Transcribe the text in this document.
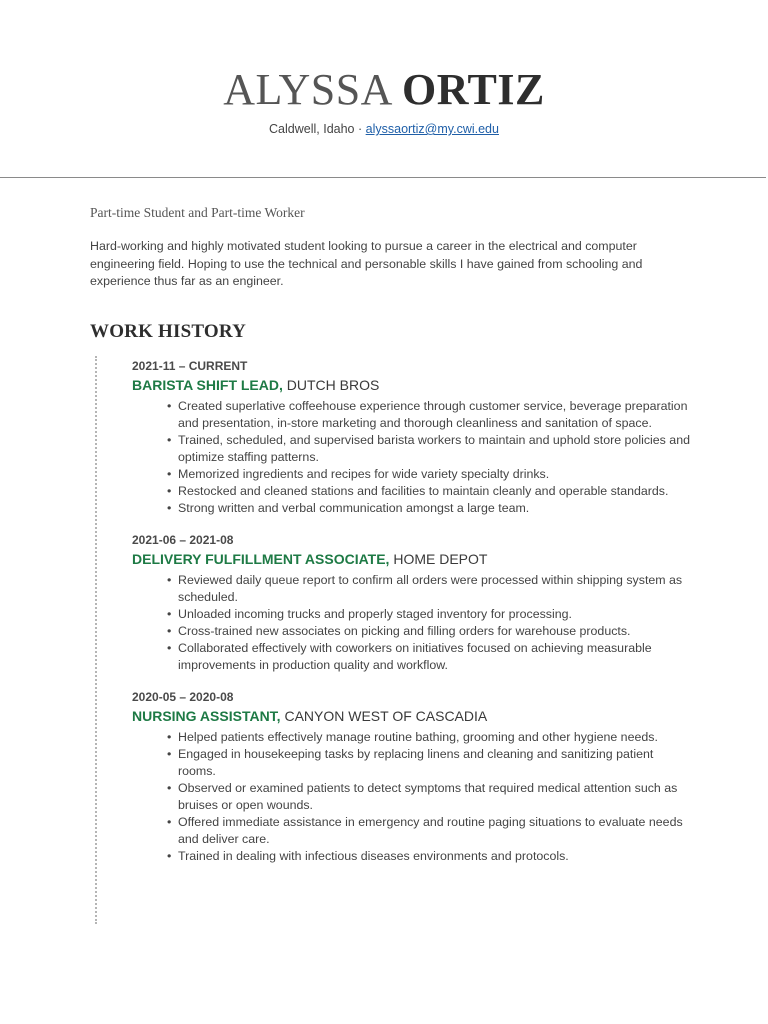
ALYSSA ORTIZ
Caldwell, Idaho · alyssaortiz@my.cwi.edu
Part-time Student and Part-time Worker
Hard-working and highly motivated student looking to pursue a career in the electrical and computer engineering field. Hoping to use the technical and personable skills I have gained from schooling and experience thus far as an engineer.
WORK HISTORY
2021-11 – CURRENT
BARISTA SHIFT LEAD, DUTCH BROS
• Created superlative coffeehouse experience through customer service, beverage preparation and presentation, in-store marketing and thorough cleanliness and sanitation of space.
• Trained, scheduled, and supervised barista workers to maintain and uphold store policies and optimize staffing patterns.
• Memorized ingredients and recipes for wide variety specialty drinks.
• Restocked and cleaned stations and facilities to maintain cleanly and operable standards.
• Strong written and verbal communication amongst a large team.
2021-06 – 2021-08
DELIVERY FULFILLMENT ASSOCIATE, HOME DEPOT
• Reviewed daily queue report to confirm all orders were processed within shipping system as scheduled.
• Unloaded incoming trucks and properly staged inventory for processing.
• Cross-trained new associates on picking and filling orders for warehouse products.
• Collaborated effectively with coworkers on initiatives focused on achieving measurable improvements in production quality and workflow.
2020-05 – 2020-08
NURSING ASSISTANT, CANYON WEST OF CASCADIA
• Helped patients effectively manage routine bathing, grooming and other hygiene needs.
• Engaged in housekeeping tasks by replacing linens and cleaning and sanitizing patient rooms.
• Observed or examined patients to detect symptoms that required medical attention such as bruises or open wounds.
• Offered immediate assistance in emergency and routine paging situations to evaluate needs and deliver care.
• Trained in dealing with infectious diseases environments and protocols.
